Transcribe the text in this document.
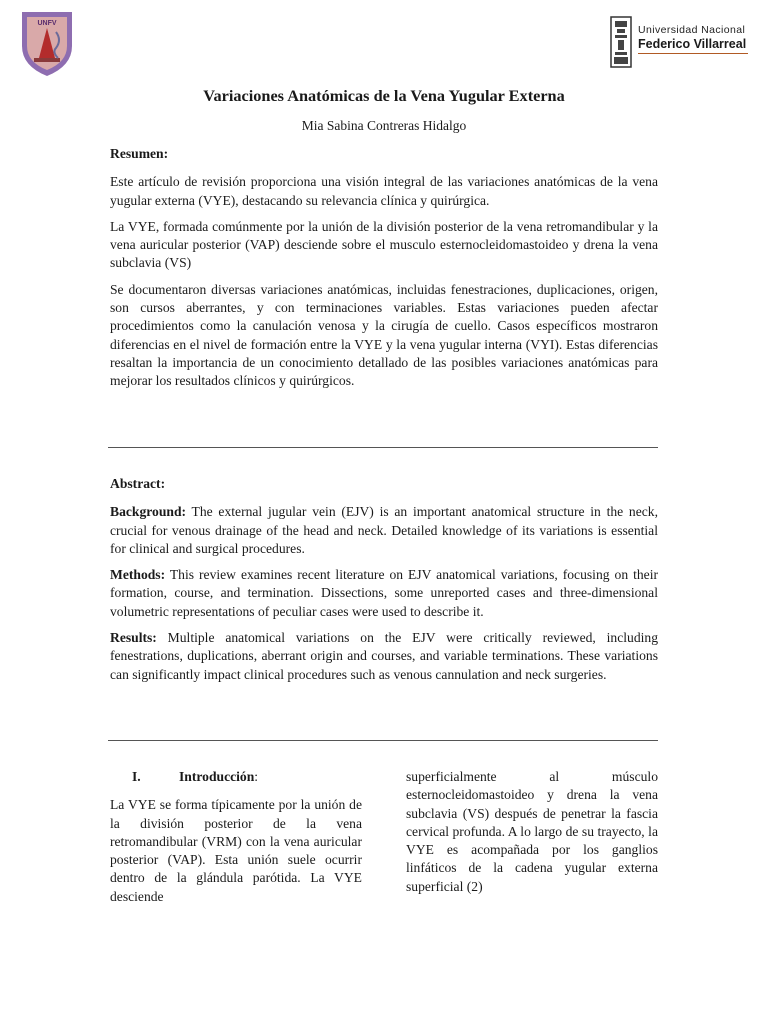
UNFV
Universidad Nacional
Federico Villarreal
Variaciones Anatómicas de la Vena Yugular Externa
Mia Sabina Contreras Hidalgo

Resumen:

Este artículo de revisión proporciona una visión integral de las variaciones anatómicas de la vena yugular externa (VYE), destacando su relevancia clínica y quirúrgica.

La VYE, formada comúnmente por la unión de la división posterior de la vena retromandibular y la vena auricular posterior (VAP) desciende sobre el musculo esternocleidomastoideo y drena la vena subclavia (VS)

Se documentaron diversas variaciones anatómicas, incluidas fenestraciones, duplicaciones, origen, son cursos aberrantes, y con terminaciones variables. Estas variaciones pueden afectar procedimientos como la canulación venosa y la cirugía de cuello. Casos específicos mostraron diferencias en el nivel de formación entre la VYE y la vena yugular interna (VYI). Estas diferencias resaltan la importancia de un conocimiento detallado de las posibles variaciones anatómicas para mejorar los resultados clínicos y quirúrgicos.

Abstract:

Background: The external jugular vein (EJV) is an important anatomical structure in the neck, crucial for venous drainage of the head and neck. Detailed knowledge of its variations is essential for clinical and surgical procedures.

Methods: This review examines recent literature on EJV anatomical variations, focusing on their formation, course, and termination. Dissections, some unreported cases and three-dimensional volumetric representations of peculiar cases were used to describe it.

Results: Multiple anatomical variations on the EJV were critically reviewed, including fenestrations, duplications, aberrant origin and courses, and variable terminations. These variations can significantly impact clinical procedures such as venous cannulation and neck surgeries.

I.	Introducción :

La VYE se forma típicamente por la unión de la división posterior de la vena retromandibular (VRM) con la vena auricular posterior (VAP). Esta unión suele ocurrir dentro de la glándula parótida. La VYE desciende

superficialmente al músculo esternocleidomastoideo y drena la vena subclavia (VS) después de penetrar la fascia cervical profunda. A lo largo de su trayecto, la VYE es acompañada por los ganglios linfáticos de la cadena yugular externa superficial (2)
